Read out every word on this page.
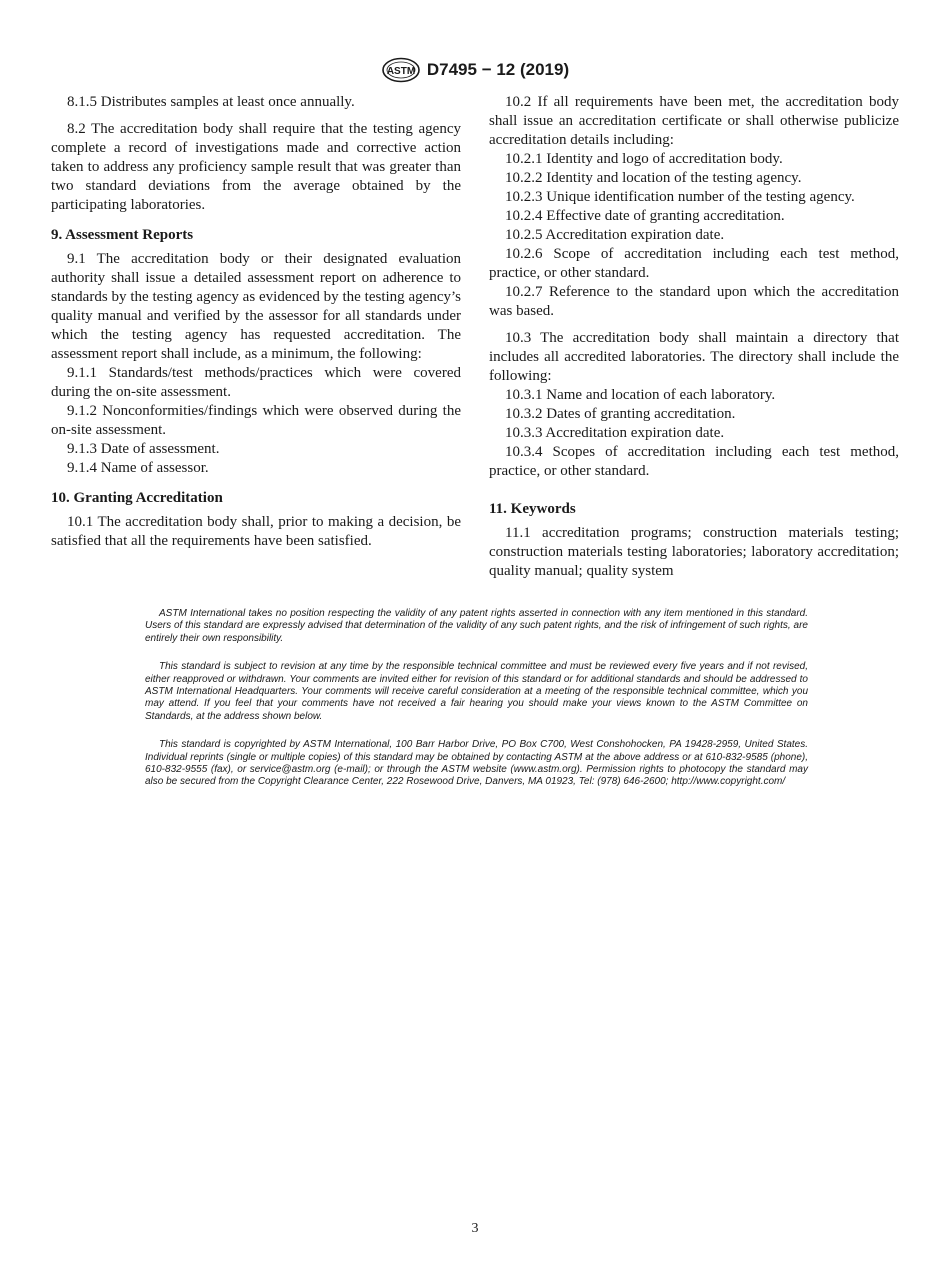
ASTM D7495 − 12 (2019)

8.1.5 Distributes samples at least once annually.

8.2 The accreditation body shall require that the testing agency complete a record of investigations made and corrective action taken to address any proficiency sample result that was greater than two standard deviations from the average obtained by the participating laboratories.

9. Assessment Reports

9.1 The accreditation body or their designated evaluation authority shall issue a detailed assessment report on adherence to standards by the testing agency as evidenced by the testing agency’s quality manual and verified by the assessor for all standards under which the testing agency has requested accreditation. The assessment report shall include, as a minimum, the following:

9.1.1 Standards/test methods/practices which were covered during the on-site assessment.

9.1.2 Nonconformities/findings which were observed during the on-site assessment.

9.1.3 Date of assessment.

9.1.4 Name of assessor.

10. Granting Accreditation

10.1 The accreditation body shall, prior to making a decision, be satisfied that all the requirements have been satisfied.

10.2 If all requirements have been met, the accreditation body shall issue an accreditation certificate or shall otherwise publicize accreditation details including:

10.2.1 Identity and logo of accreditation body.

10.2.2 Identity and location of the testing agency.

10.2.3 Unique identification number of the testing agency.

10.2.4 Effective date of granting accreditation.

10.2.5 Accreditation expiration date.

10.2.6 Scope of accreditation including each test method, practice, or other standard.

10.2.7 Reference to the standard upon which the accreditation was based.

10.3 The accreditation body shall maintain a directory that includes all accredited laboratories. The directory shall include the following:

10.3.1 Name and location of each laboratory.

10.3.2 Dates of granting accreditation.

10.3.3 Accreditation expiration date.

10.3.4 Scopes of accreditation including each test method, practice, or other standard.

11. Keywords

11.1 accreditation programs; construction materials testing; construction materials testing laboratories; laboratory accreditation; quality manual; quality system

ASTM International takes no position respecting the validity of any patent rights asserted in connection with any item mentioned in this standard. Users of this standard are expressly advised that determination of the validity of any such patent rights, and the risk of infringement of such rights, are entirely their own responsibility.

This standard is subject to revision at any time by the responsible technical committee and must be reviewed every five years and if not revised, either reapproved or withdrawn. Your comments are invited either for revision of this standard or for additional standards and should be addressed to ASTM International Headquarters. Your comments will receive careful consideration at a meeting of the responsible technical committee, which you may attend. If you feel that your comments have not received a fair hearing you should make your views known to the ASTM Committee on Standards, at the address shown below.

This standard is copyrighted by ASTM International, 100 Barr Harbor Drive, PO Box C700, West Conshohocken, PA 19428-2959, United States. Individual reprints (single or multiple copies) of this standard may be obtained by contacting ASTM at the above address or at 610-832-9585 (phone), 610-832-9555 (fax), or service@astm.org (e-mail); or through the ASTM website (www.astm.org). Permission rights to photocopy the standard may also be secured from the Copyright Clearance Center, 222 Rosewood Drive, Danvers, MA 01923, Tel: (978) 646-2600; http://www.copyright.com/

3
